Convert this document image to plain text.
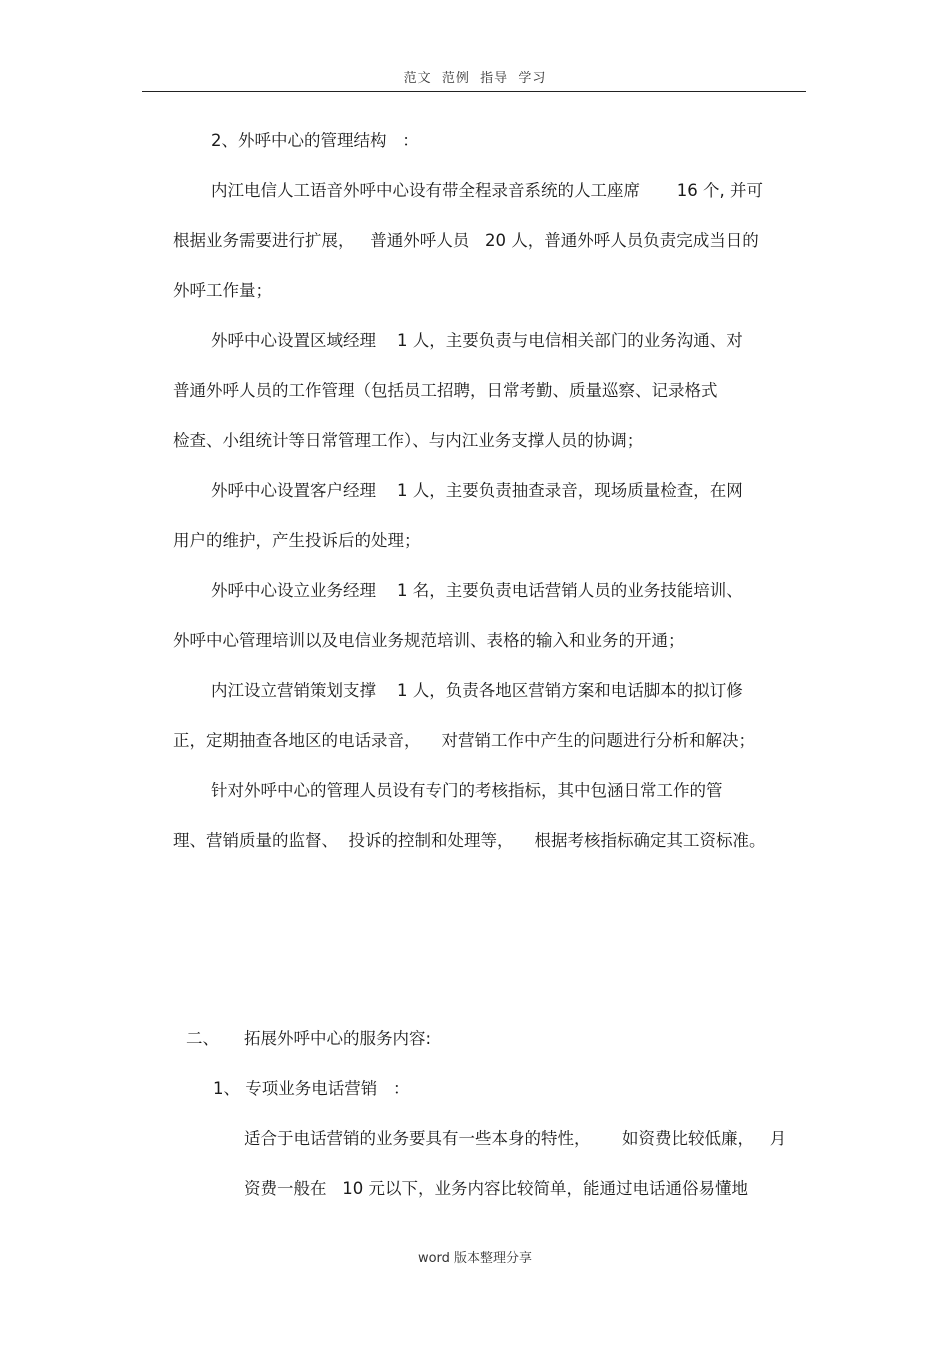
范文  范例  指导  学习
2、外呼中心的管理结构   ：
内江电信人工语音外呼中心设有带全程录音系统的人工座席       16 个, 并可
根据业务需要进行扩展，   普通外呼人员   20 人，普通外呼人员负责完成当日的
外呼工作量；
外呼中心设置区域经理    1 人，主要负责与电信相关部门的业务沟通、对
普通外呼人员的工作管理（包括员工招聘，日常考勤、质量巡察、记录格式
检查、小组统计等日常管理工作）、与内江业务支撑人员的协调；
外呼中心设置客户经理    1 人，主要负责抽查录音，现场质量检查，在网
用户的维护，产生投诉后的处理；
外呼中心设立业务经理    1 名，主要负责电话营销人员的业务技能培训、
外呼中心管理培训以及电信业务规范培训、表格的输入和业务的开通；
内江设立营销策划支撑    1 人，负责各地区营销方案和电话脚本的拟订修
正，定期抽查各地区的电话录音，    对营销工作中产生的问题进行分析和解决；
针对外呼中心的管理人员设有专门的考核指标，其中包涵日常工作的管
理、营销质量的监督、  投诉的控制和处理等，    根据考核指标确定其工资标准。
二、 拓展外呼中心的服务内容:
1、 专项业务电话营销   ：
适合于电话营销的业务要具有一些本身的特性，      如资费比较低廉，   月
资费一般在   10 元以下，业务内容比较简单，能通过电话通俗易懂地
word 版本整理分享
